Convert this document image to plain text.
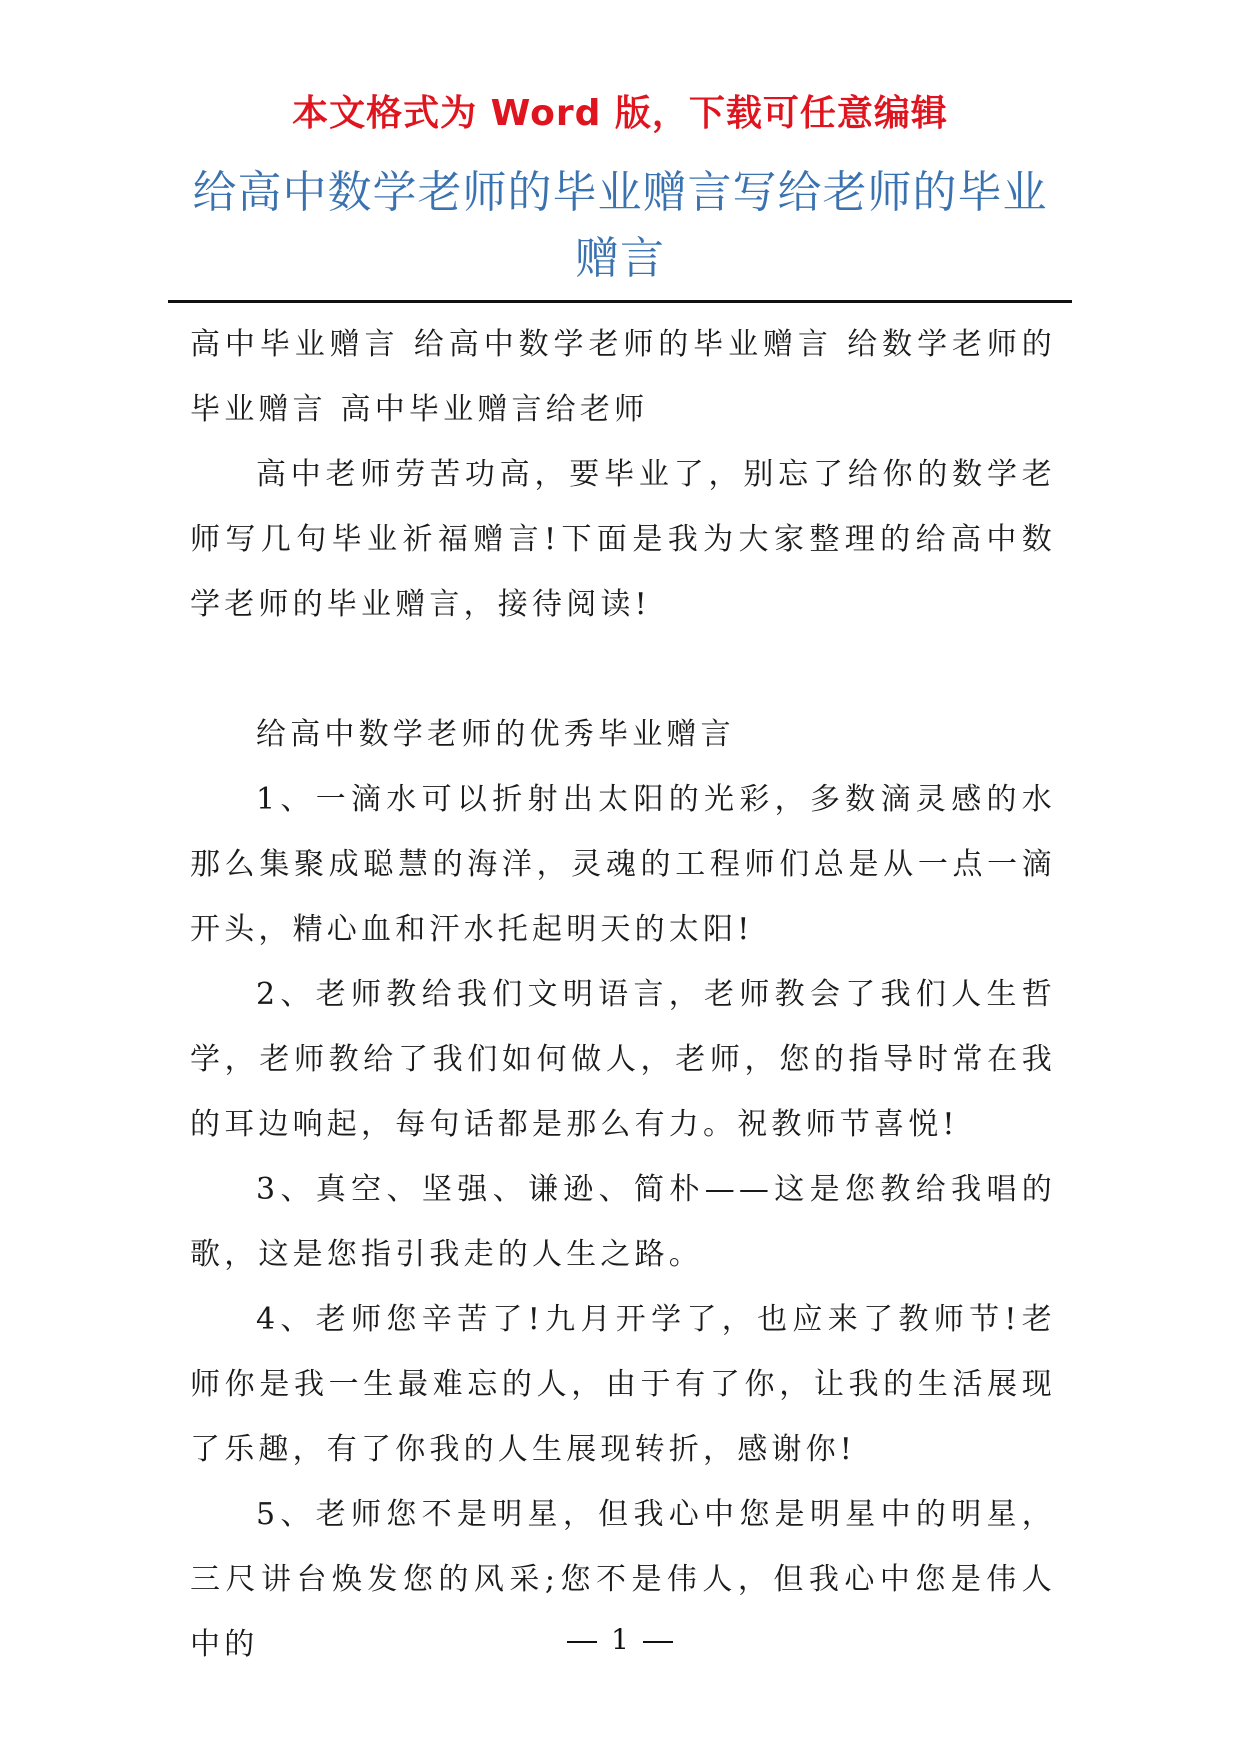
本文格式为 Word 版，下载可任意编辑
给高中数学老师的毕业赠言写给老师的毕业赠言

高中毕业赠言 给高中数学老师的毕业赠言 给数学老师的毕业赠言 高中毕业赠言给老师

高中老师劳苦功高，要毕业了，别忘了给你的数学老师写几句毕业祈福赠言!下面是我为大家整理的给高中数学老师的毕业赠言，接待阅读!

给高中数学老师的优秀毕业赠言

1、一滴水可以折射出太阳的光彩，多数滴灵感的水那么集聚成聪慧的海洋，灵魂的工程师们总是从一点一滴开头，精心血和汗水托起明天的太阳!

2、老师教给我们文明语言，老师教会了我们人生哲学，老师教给了我们如何做人，老师，您的指导时常在我的耳边响起，每句话都是那么有力。祝教师节喜悦!

3、真空、坚强、谦逊、简朴——这是您教给我唱的歌，这是您指引我走的人生之路。

4、老师您辛苦了!九月开学了，也应来了教师节!老师你是我一生最难忘的人，由于有了你，让我的生活展现了乐趣，有了你我的人生展现转折，感谢你!

5、老师您不是明星，但我心中您是明星中的明星，三尺讲台焕发您的风采;您不是伟人，但我心中您是伟人中的	1
